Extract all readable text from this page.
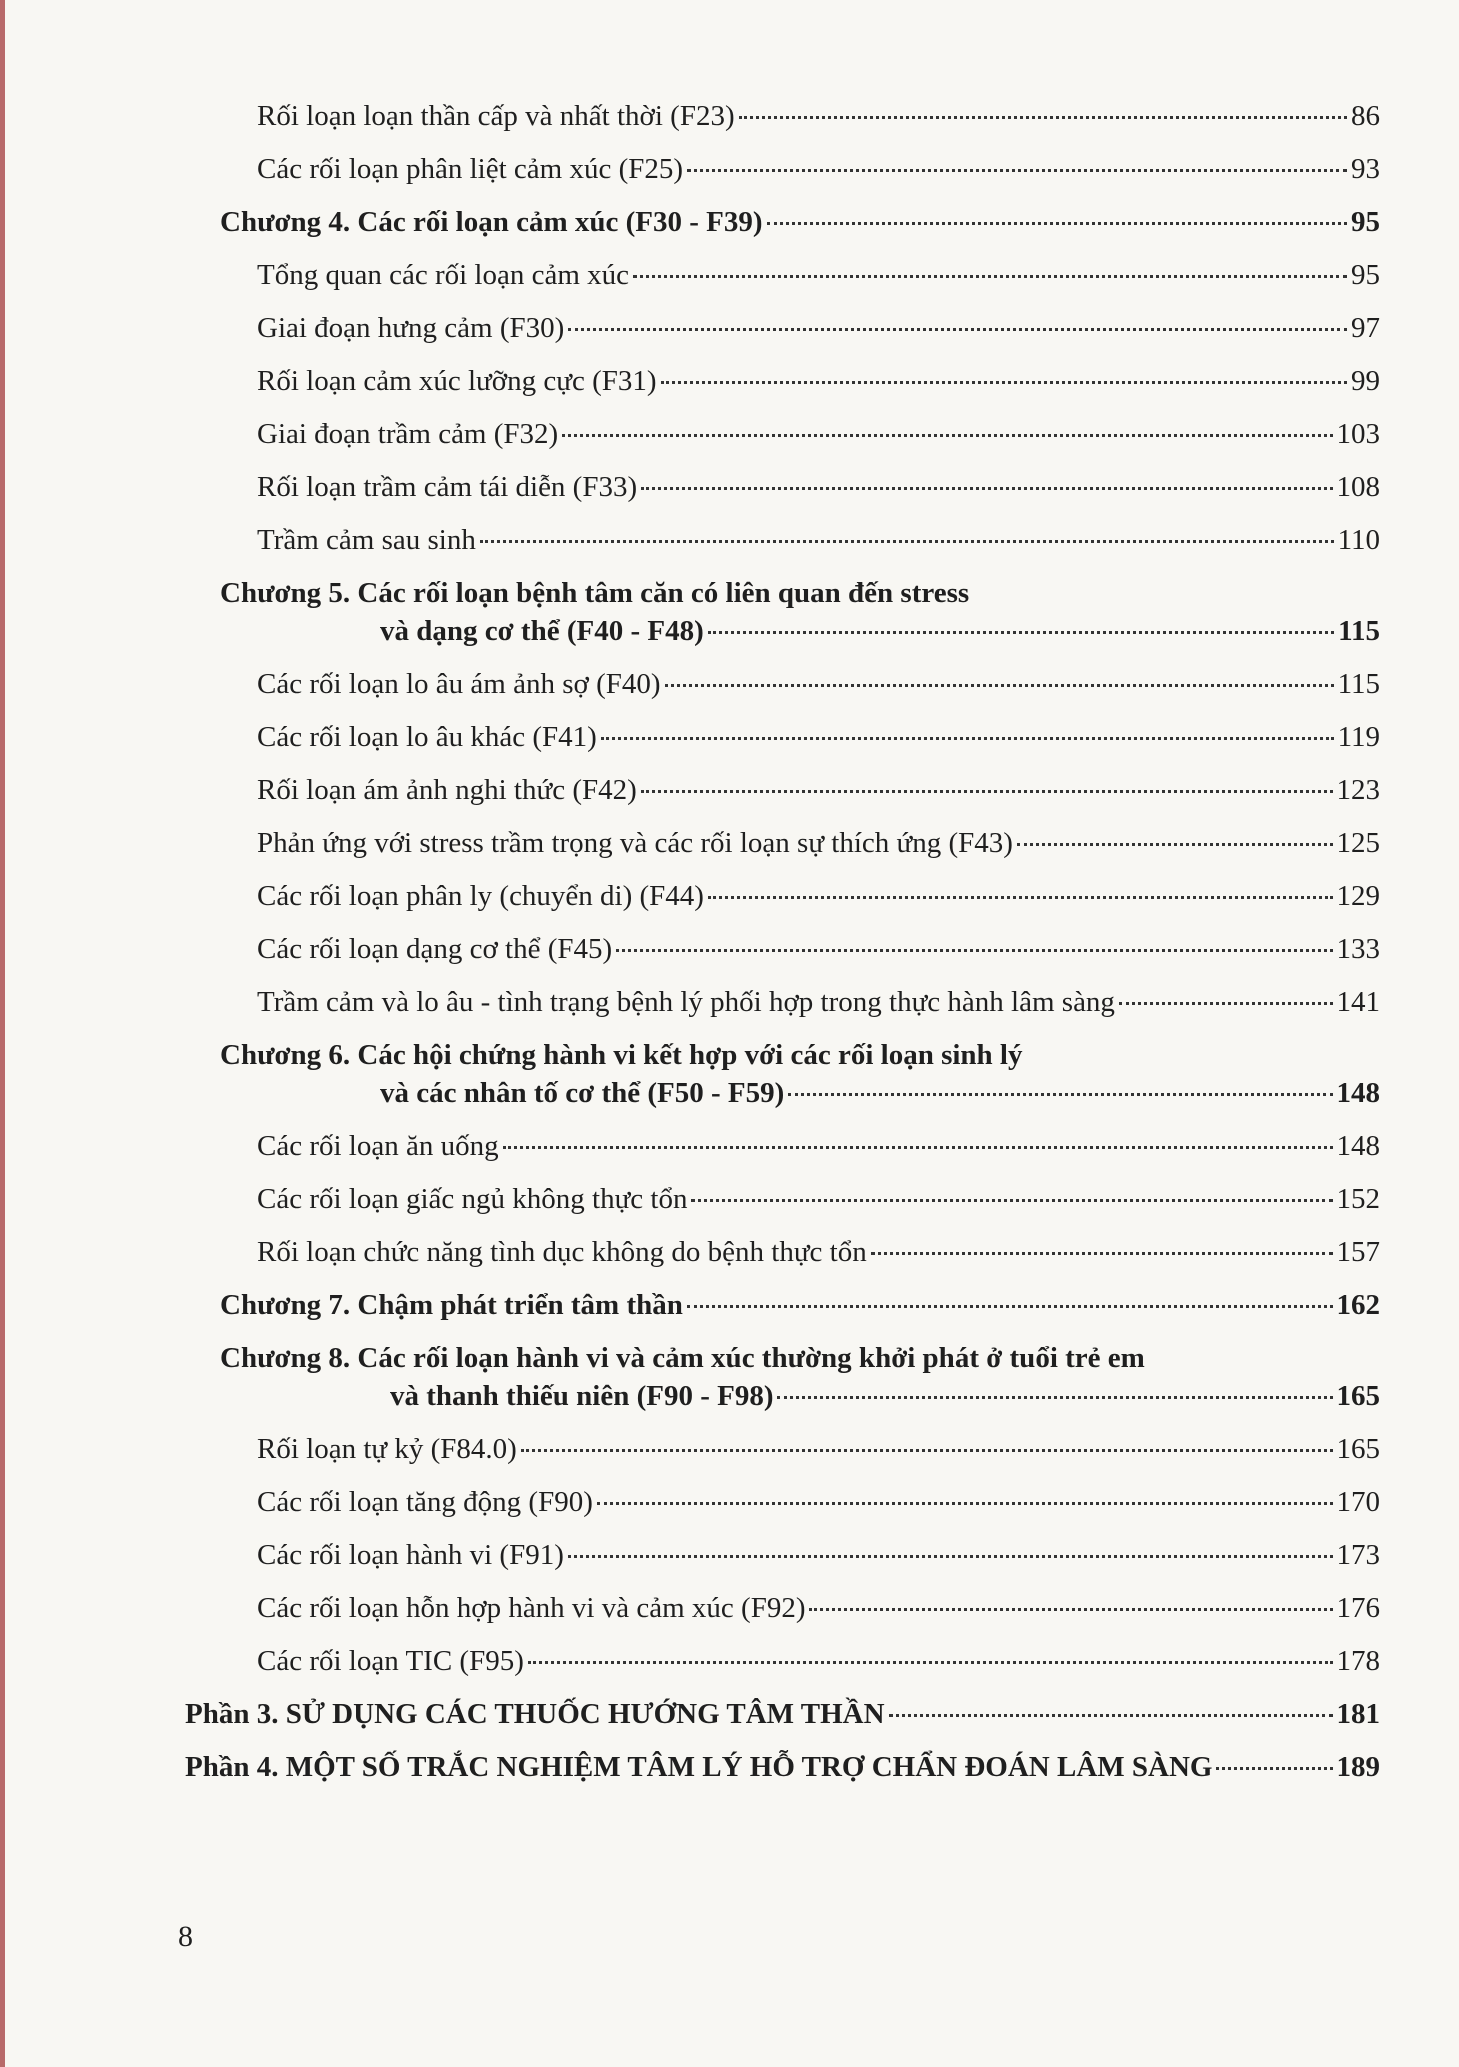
Rối loạn loạn thần cấp và nhất thời (F23)	86
Các rối loạn phân liệt cảm xúc (F25)	93
Chương 4. Các rối loạn cảm xúc (F30 - F39)	95
Tổng quan các rối loạn cảm xúc	95
Giai đoạn hưng cảm (F30)	97
Rối loạn cảm xúc lưỡng cực (F31)	99
Giai đoạn trầm cảm (F32)	103
Rối loạn trầm cảm tái diễn (F33)	108
Trầm cảm sau sinh	110
Chương 5. Các rối loạn bệnh tâm căn có liên quan đến stress
và dạng cơ thể (F40 - F48)	115
Các rối loạn lo âu ám ảnh sợ (F40)	115
Các rối loạn lo âu khác (F41)	119
Rối loạn ám ảnh nghi thức (F42)	123
Phản ứng với stress trầm trọng và các rối loạn sự thích ứng (F43)	125
Các rối loạn phân ly (chuyển di) (F44)	129
Các rối loạn dạng cơ thể (F45)	133
Trầm cảm và lo âu - tình trạng bệnh lý phối hợp trong thực hành lâm sàng	141
Chương 6. Các hội chứng hành vi kết hợp với các rối loạn sinh lý
và các nhân tố cơ thể (F50 - F59)	148
Các rối loạn ăn uống	148
Các rối loạn giấc ngủ không thực tổn	152
Rối loạn chức năng tình dục không do bệnh thực tổn	157
Chương 7. Chậm phát triển tâm thần	162
Chương 8. Các rối loạn hành vi và cảm xúc thường khởi phát ở tuổi trẻ em
và thanh thiếu niên (F90 - F98)	165
Rối loạn tự kỷ (F84.0)	165
Các rối loạn tăng động (F90)	170
Các rối loạn hành vi (F91)	173
Các rối loạn hỗn hợp hành vi và cảm xúc (F92)	176
Các rối loạn TIC (F95)	178
Phần 3. SỬ DỤNG CÁC THUỐC HƯỚNG TÂM THẦN	181
Phần 4. MỘT SỐ TRẮC NGHIỆM TÂM LÝ HỖ TRỢ CHẨN ĐOÁN LÂM SÀNG	189
8
